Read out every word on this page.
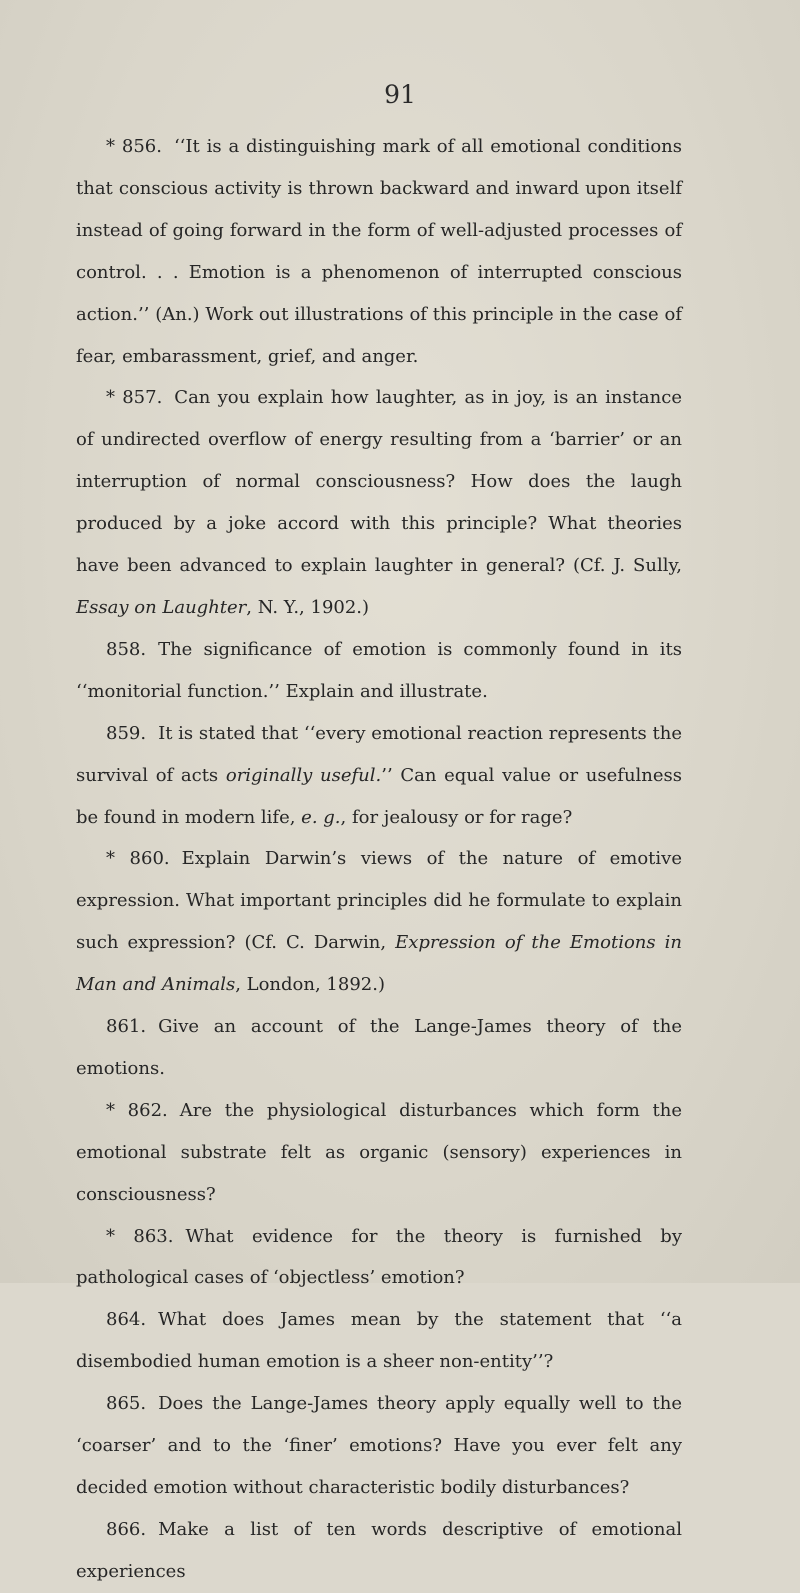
91

* 856. ‘‘It is a distinguishing mark of all emotional conditions that conscious activity is thrown backward and inward upon itself instead of going forward in the form of well-adjusted processes of control. . . Emotion is a phenomenon of interrupted conscious action.’’ (An.) Work out illustrations of this principle in the case of fear, embarassment, grief, and anger.

* 857. Can you explain how laughter, as in joy, is an instance of undirected overflow of energy resulting from a ‘barrier’ or an interruption of normal consciousness? How does the laugh produced by a joke accord with this principle? What theories have been advanced to explain laughter in general? (Cf. J. Sully, Essay on Laughter, N. Y., 1902.)

858. The significance of emotion is commonly found in its ‘‘monitorial function.’’ Explain and illustrate.

859. It is stated that ‘‘every emotional reaction represents the survival of acts originally useful.’’ Can equal value or usefulness be found in modern life, e. g., for jealousy or for rage?

* 860. Explain Darwin’s views of the nature of emotive expression. What important principles did he formulate to explain such expression? (Cf. C. Darwin, Expression of the Emotions in Man and Animals, London, 1892.)

861. Give an account of the Lange-James theory of the emotions.

* 862. Are the physiological disturbances which form the emotional substrate felt as organic (sensory) experiences in consciousness?

* 863. What evidence for the theory is furnished by pathological cases of ‘objectless’ emotion?

864. What does James mean by the statement that ‘‘a disembodied human emotion is a sheer non-entity’’?

865. Does the Lange-James theory apply equally well to the ‘coarser’ and to the ‘finer’ emotions? Have you ever felt any decided emotion without characteristic bodily disturbances?

866. Make a list of ten words descriptive of emotional experiences
